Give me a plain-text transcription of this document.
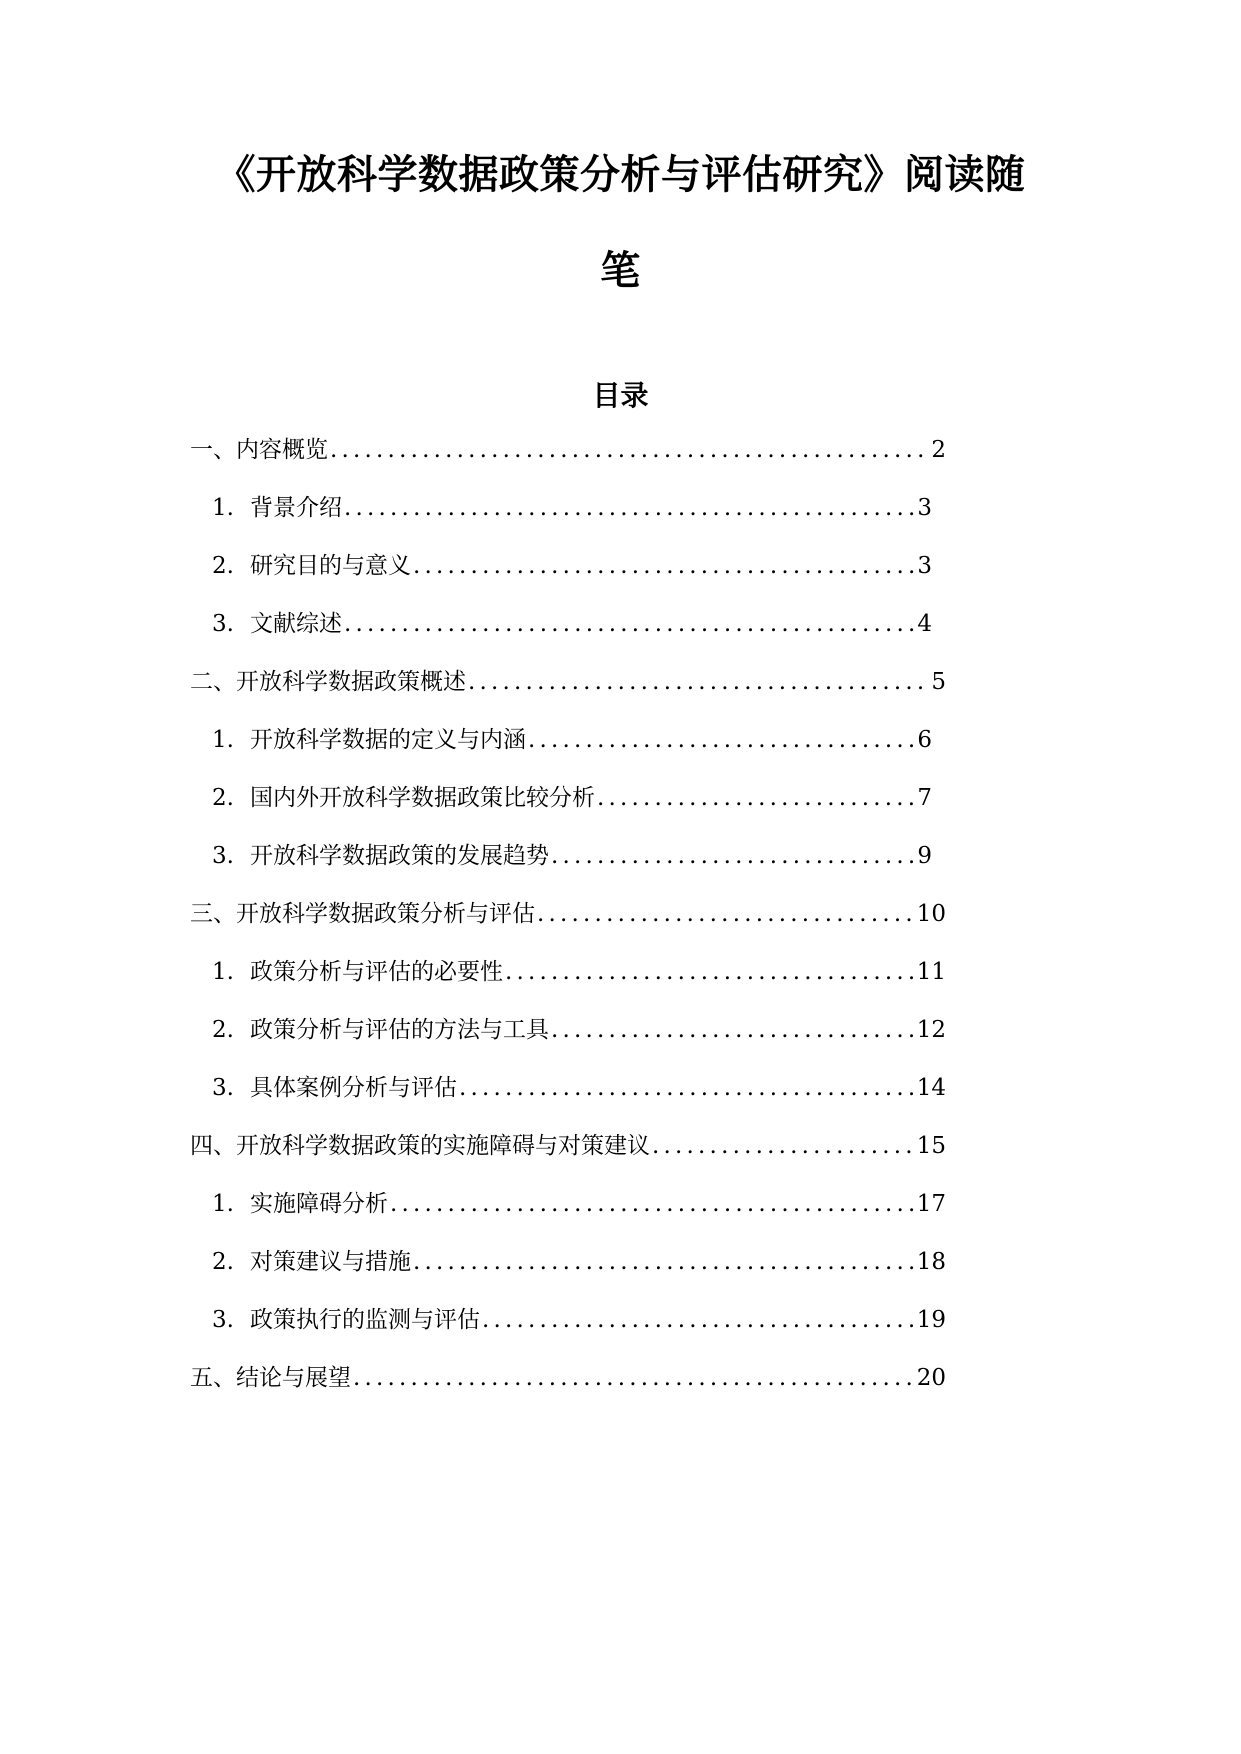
《开放科学数据政策分析与评估研究》阅读随
笔
目录
一、内容概览 .....	2
1. 背景介绍 .....	3
2. 研究目的与意义 .....	3
3. 文献综述 .....	4
二、开放科学数据政策概述 .....	5
1. 开放科学数据的定义与内涵 .....	6
2. 国内外开放科学数据政策比较分析 .....	7
3. 开放科学数据政策的发展趋势 .....	9
三、开放科学数据政策分析与评估 .....	10
1. 政策分析与评估的必要性 .....	11
2. 政策分析与评估的方法与工具 .....	12
3. 具体案例分析与评估 .....	14
四、开放科学数据政策的实施障碍与对策建议 .....	15
1. 实施障碍分析 .....	17
2. 对策建议与措施 .....	18
3. 政策执行的监测与评估 .....	19
五、结论与展望 .....	20
